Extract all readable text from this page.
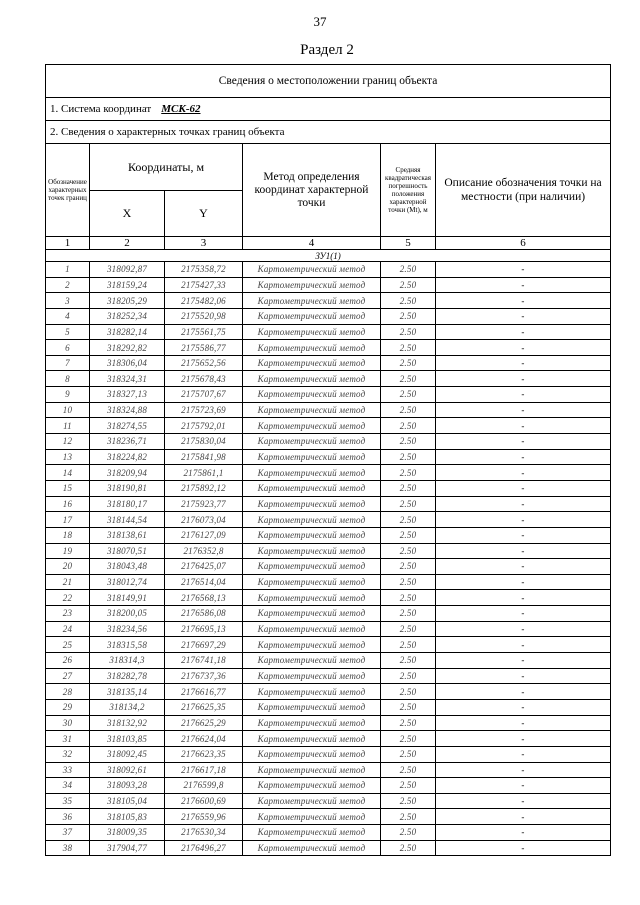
37
Раздел 2
Сведения о местоположении границ объекта					
1. Система координат МСК-62					
2. Сведения о характерных точках границ объекта					
Обозначение характерных точек границ	Координаты, м		Метод определения координат характерной точки	Средняя квадратическая погрешность положения характерной точки (Mt), м	Описание обозначения точки на местности (при наличии)
	X	Y			
1	2	3	4	5	6
ЗУ1(1)					
1	318092,87	2175358,72	Картометрический метод	2.50	-
2	318159,24	2175427,33	Картометрический метод	2.50	-
3	318205,29	2175482,06	Картометрический метод	2.50	-
4	318252,34	2175520,98	Картометрический метод	2.50	-
5	318282,14	2175561,75	Картометрический метод	2.50	-
6	318292,82	2175586,77	Картометрический метод	2.50	-
7	318306,04	2175652,56	Картометрический метод	2.50	-
8	318324,31	2175678,43	Картометрический метод	2.50	-
9	318327,13	2175707,67	Картометрический метод	2.50	-
10	318324,88	2175723,69	Картометрический метод	2.50	-
11	318274,55	2175792,01	Картометрический метод	2.50	-
12	318236,71	2175830,04	Картометрический метод	2.50	-
13	318224,82	2175841,98	Картометрический метод	2.50	-
14	318209,94	2175861,1	Картометрический метод	2.50	-
15	318190,81	2175892,12	Картометрический метод	2.50	-
16	318180,17	2175923,77	Картометрический метод	2.50	-
17	318144,54	2176073,04	Картометрический метод	2.50	-
18	318138,61	2176127,09	Картометрический метод	2.50	-
19	318070,51	2176352,8	Картометрический метод	2.50	-
20	318043,48	2176425,07	Картометрический метод	2.50	-
21	318012,74	2176514,04	Картометрический метод	2.50	-
22	318149,91	2176568,13	Картометрический метод	2.50	-
23	318200,05	2176586,08	Картометрический метод	2.50	-
24	318234,56	2176695,13	Картометрический метод	2.50	-
25	318315,58	2176697,29	Картометрический метод	2.50	-
26	318314,3	2176741,18	Картометрический метод	2.50	-
27	318282,78	2176737,36	Картометрический метод	2.50	-
28	318135,14	2176616,77	Картометрический метод	2.50	-
29	318134,2	2176625,35	Картометрический метод	2.50	-
30	318132,92	2176625,29	Картометрический метод	2.50	-
31	318103,85	2176624,04	Картометрический метод	2.50	-
32	318092,45	2176623,35	Картометрический метод	2.50	-
33	318092,61	2176617,18	Картометрический метод	2.50	-
34	318093,28	2176599,8	Картометрический метод	2.50	-
35	318105,04	2176600,69	Картометрический метод	2.50	-
36	318105,83	2176559,96	Картометрический метод	2.50	-
37	318009,35	2176530,34	Картометрический метод	2.50	-
38	317904,77	2176496,27	Картометрический метод	2.50	-
